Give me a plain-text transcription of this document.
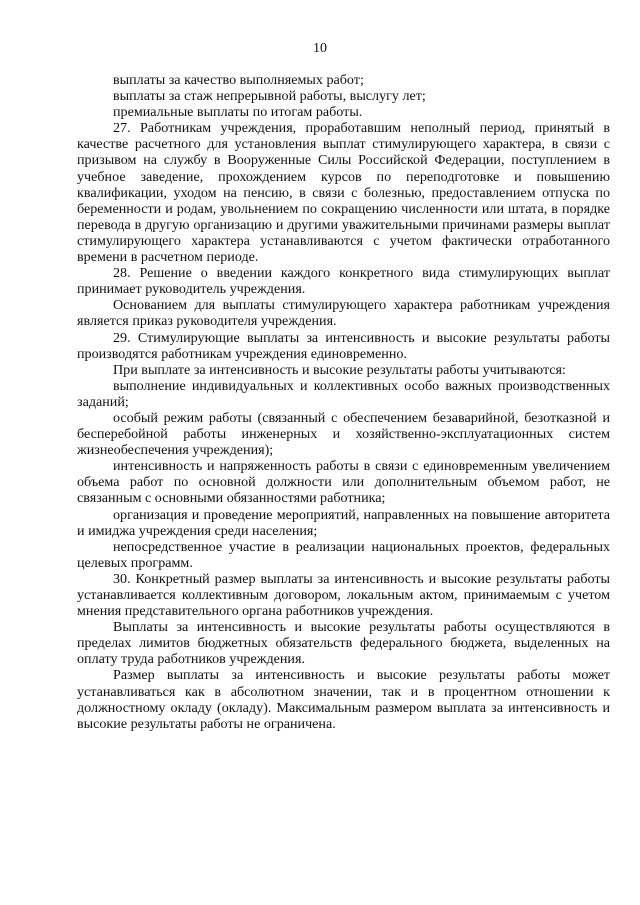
10

выплаты за качество выполняемых работ;

выплаты за стаж непрерывной работы, выслугу лет;

премиальные выплаты по итогам работы.

27. Работникам учреждения, проработавшим неполный период, принятый в качестве расчетного для установления выплат стимулирующего характера, в связи с призывом на службу в Вооруженные Силы Российской Федерации, поступлением в учебное заведение, прохождением курсов по переподготовке и повышению квалификации, уходом на пенсию, в связи с болезнью, предоставлением отпуска по беременности и родам, увольнением по сокращению численности или штата, в порядке перевода в другую организацию и другими уважительными причинами размеры выплат стимулирующего характера устанавливаются с учетом фактически отработанного времени в расчетном периоде.

28. Решение о введении каждого конкретного вида стимулирующих выплат принимает руководитель учреждения.

Основанием для выплаты стимулирующего характера работникам учреждения является приказ руководителя учреждения.

29. Стимулирующие выплаты за интенсивность и высокие результаты работы производятся работникам учреждения единовременно.

При выплате за интенсивность и высокие результаты работы учитываются:

выполнение индивидуальных и коллективных особо важных производственных заданий;

особый режим работы (связанный с обеспечением безаварийной, безотказной и бесперебойной работы инженерных и хозяйственно-эксплуатационных систем жизнеобеспечения учреждения);

интенсивность и напряженность работы в связи с единовременным увеличением объема работ по основной должности или дополнительным объемом работ, не связанным с основными обязанностями работника;

организация и проведение мероприятий, направленных на повышение авторитета и имиджа учреждения среди населения;

непосредственное участие в реализации национальных проектов, федеральных целевых программ.

30. Конкретный размер выплаты за интенсивность и высокие результаты работы устанавливается коллективным договором, локальным актом, принимаемым с учетом мнения представительного органа работников учреждения.

Выплаты за интенсивность и высокие результаты работы осуществляются в пределах лимитов бюджетных обязательств федерального бюджета, выделенных на оплату труда работников учреждения.

Размер выплаты за интенсивность и высокие результаты работы может устанавливаться как в абсолютном значении, так и в процентном отношении к должностному окладу (окладу). Максимальным размером выплата за интенсивность и высокие результаты работы не ограничена.
